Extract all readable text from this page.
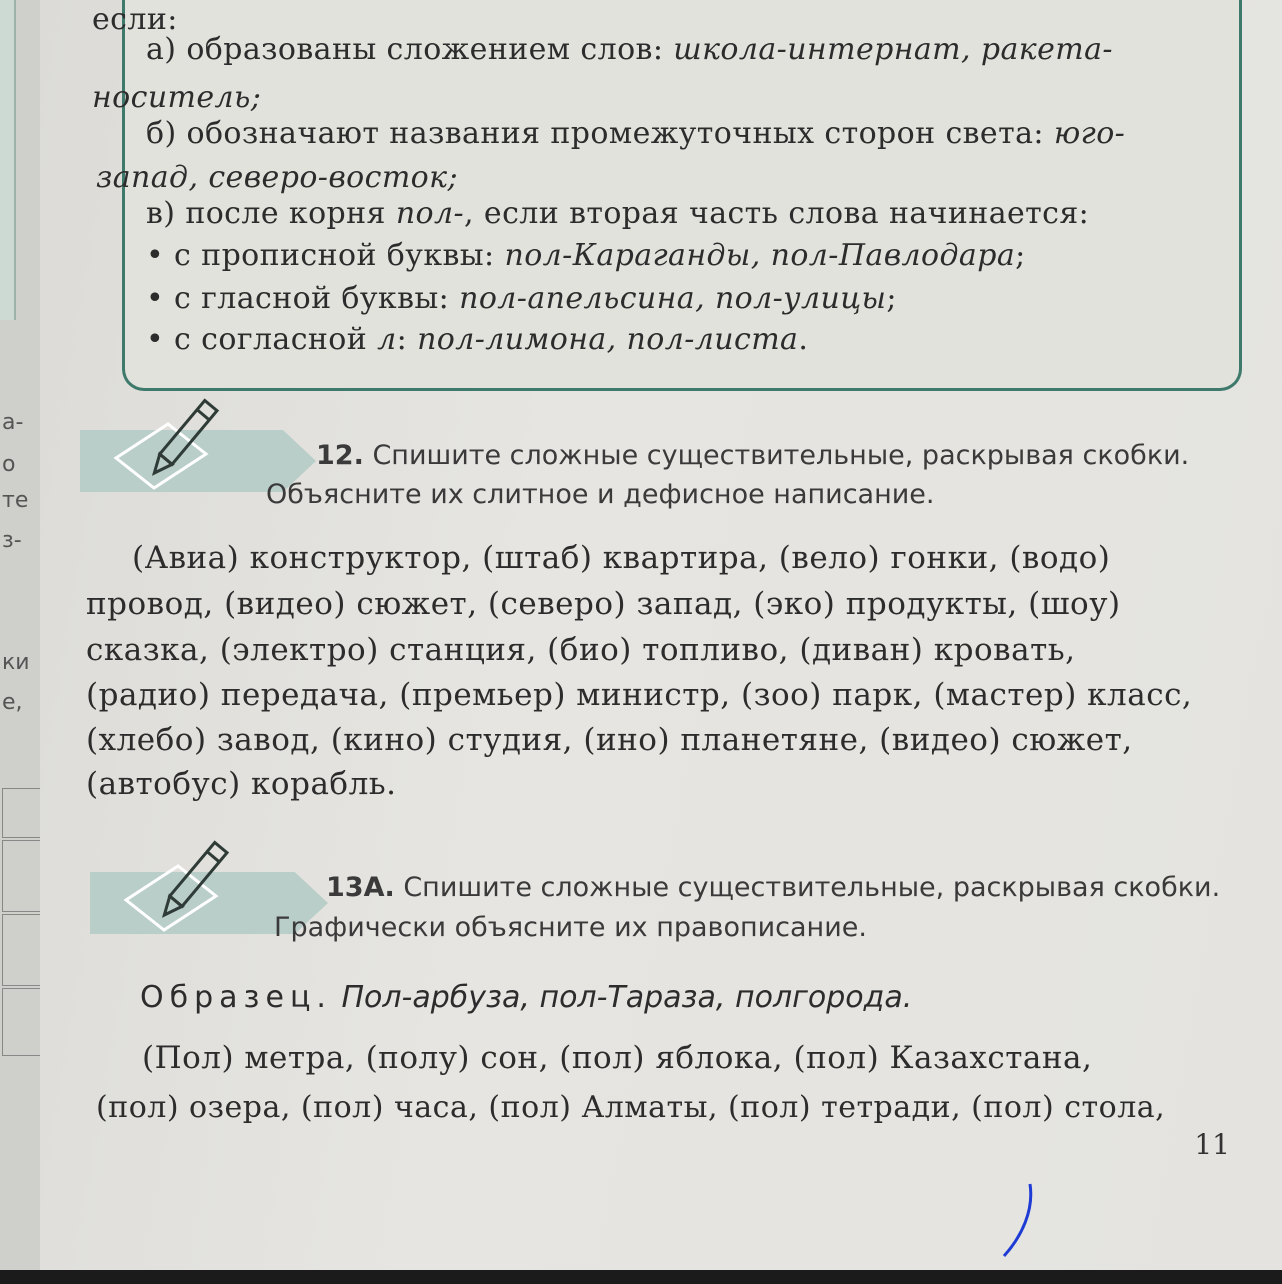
а-
о
те
з-
ки
е,
если:
а) образованы сложением слов: школа-интернат, ракета-
носитель;
б) обозначают названия промежуточных сторон света: юго-
запад, северо-восток;
в) после корня пол-, если вторая часть слова начинается:
• с прописной буквы: пол-Караганды, пол-Павлодара;
• с гласной буквы: пол-апельсина, пол-улицы;
• с согласной л: пол-лимона, пол-листа.
12. Спишите сложные существительные, раскрывая скобки.
Объясните их слитное и дефисное написание.
(Авиа) конструктор, (штаб) квартира, (вело) гонки, (водо)
провод, (видео) сюжет, (северо) запад, (эко) продукты, (шоу)
сказка, (электро) станция, (био) топливо, (диван) кровать,
(радио) передача, (премьер) министр, (зоо) парк, (мастер) класс,
(хлебо) завод, (кино) студия, (ино) планетяне, (видео) сюжет,
(автобус) корабль.
13А. Спишите сложные существительные, раскрывая скобки.
Графически объясните их правописание.
Образец. Пол-арбуза, пол-Тараза, полгорода.
(Пол) метра, (полу) сон, (пол) яблока, (пол) Казахстана,
(пол) озера, (пол) часа, (пол) Алматы, (пол) тетради, (пол) стола,
11
